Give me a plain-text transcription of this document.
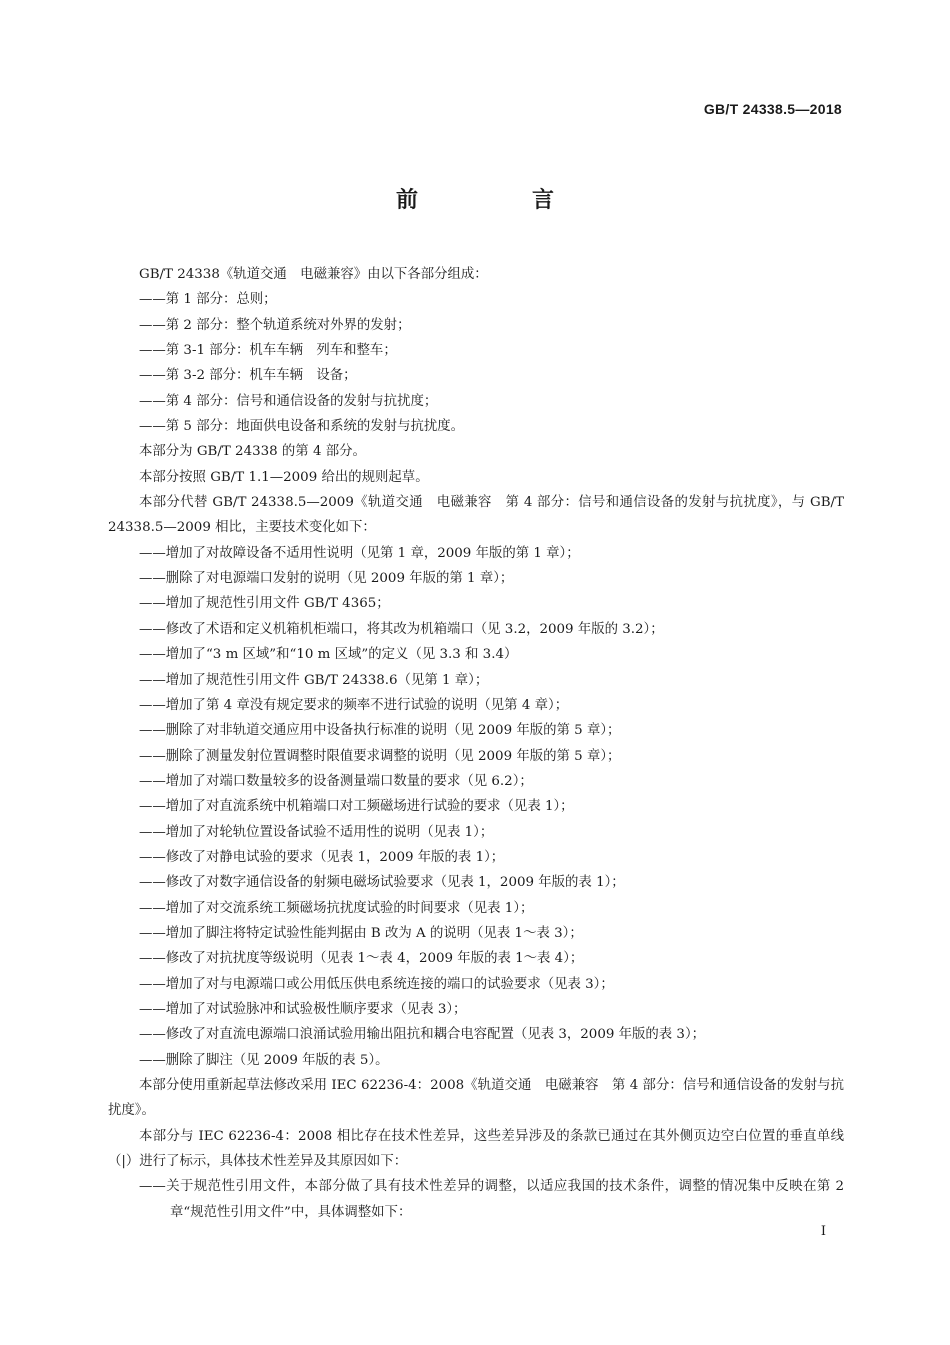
GB/T 24338.5—2018
前　言
GB/T 24338《轨道交通　电磁兼容》由以下各部分组成：
——第 1 部分：总则；
——第 2 部分：整个轨道系统对外界的发射；
——第 3-1 部分：机车车辆　列车和整车；
——第 3-2 部分：机车车辆　设备；
——第 4 部分：信号和通信设备的发射与抗扰度；
——第 5 部分：地面供电设备和系统的发射与抗扰度。
本部分为 GB/T 24338 的第 4 部分。
本部分按照 GB/T 1.1—2009 给出的规则起草。
本部分代替 GB/T 24338.5—2009《轨道交通　电磁兼容　第 4 部分：信号和通信设备的发射与抗扰度》，与 GB/T 24338.5—2009 相比，主要技术变化如下：
——增加了对故障设备不适用性说明（见第 1 章，2009 年版的第 1 章）；
——删除了对电源端口发射的说明（见 2009 年版的第 1 章）；
——增加了规范性引用文件 GB/T 4365；
——修改了术语和定义机箱机柜端口，将其改为机箱端口（见 3.2，2009 年版的 3.2）；
——增加了“3 m 区域”和“10 m 区域”的定义（见 3.3 和 3.4）
——增加了规范性引用文件 GB/T 24338.6（见第 1 章）；
——增加了第 4 章没有规定要求的频率不进行试验的说明（见第 4 章）；
——删除了对非轨道交通应用中设备执行标准的说明（见 2009 年版的第 5 章）；
——删除了测量发射位置调整时限值要求调整的说明（见 2009 年版的第 5 章）；
——增加了对端口数量较多的设备测量端口数量的要求（见 6.2）；
——增加了对直流系统中机箱端口对工频磁场进行试验的要求（见表 1）；
——增加了对轮轨位置设备试验不适用性的说明（见表 1）；
——修改了对静电试验的要求（见表 1，2009 年版的表 1）；
——修改了对数字通信设备的射频电磁场试验要求（见表 1，2009 年版的表 1）；
——增加了对交流系统工频磁场抗扰度试验的时间要求（见表 1）；
——增加了脚注将特定试验性能判据由 B 改为 A 的说明（见表 1～表 3）；
——修改了对抗扰度等级说明（见表 1～表 4，2009 年版的表 1～表 4）；
——增加了对与电源端口或公用低压供电系统连接的端口的试验要求（见表 3）；
——增加了对试验脉冲和试验极性顺序要求（见表 3）；
——修改了对直流电源端口浪涌试验用输出阻抗和耦合电容配置（见表 3，2009 年版的表 3）；
——删除了脚注（见 2009 年版的表 5）。
本部分使用重新起草法修改采用 IEC 62236-4：2008《轨道交通　电磁兼容　第 4 部分：信号和通信设备的发射与抗扰度》。
本部分与 IEC 62236-4：2008 相比存在技术性差异，这些差异涉及的条款已通过在其外侧页边空白位置的垂直单线（|）进行了标示，具体技术性差异及其原因如下：
——关于规范性引用文件，本部分做了具有技术性差异的调整，以适应我国的技术条件，调整的情况集中反映在第 2 章“规范性引用文件”中，具体调整如下：
I
